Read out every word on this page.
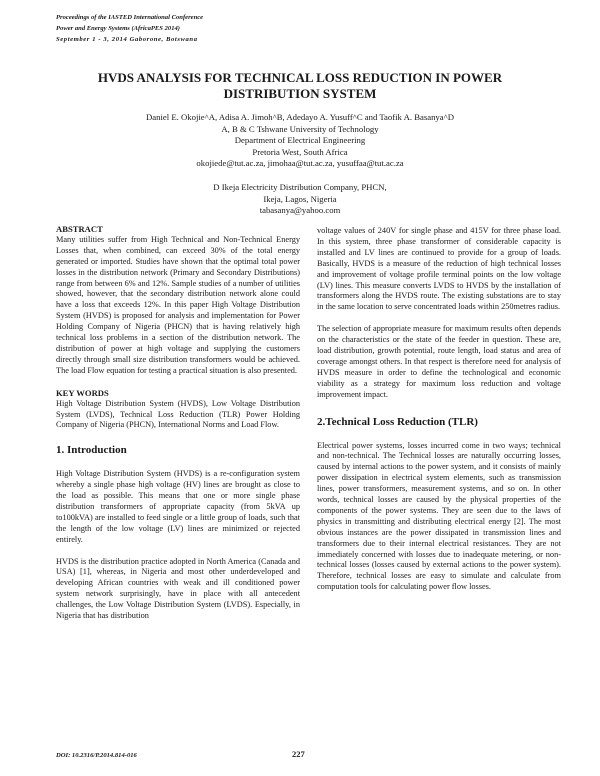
Proceedings of the IASTED International Conference
Power and Energy Systems (AfricaPES 2014)
September 1 - 3, 2014 Gaborone, Botswana
HVDS ANALYSIS FOR TECHNICAL LOSS REDUCTION IN POWER
DISTRIBUTION SYSTEM
Daniel E. Okojie^A, Adisa A. Jimoh^B, Adedayo A. Yusuff^C and Taofik A. Basanya^D
A, B & C Tshwane University of Technology
Department of Electrical Engineering
Pretoria West, South Africa
okojiede@tut.ac.za, jimohaa@tut.ac.za, yusuffaa@tut.ac.za
D Ikeja Electricity Distribution Company, PHCN,
Ikeja, Lagos, Nigeria
tabasanya@yahoo.com

ABSTRACT

Many utilities suffer from High Technical and Non-Technical Energy Losses that, when combined, can exceed 30% of the total energy generated or imported. Studies have shown that the optimal total power losses in the distribution network (Primary and Secondary Distributions) range from between 6% and 12%. Sample studies of a number of utilities showed, however, that the secondary distribution network alone could have a loss that exceeds 12%. In this paper High Voltage Distribution System (HVDS) is proposed for analysis and implementation for Power Holding Company of Nigeria (PHCN) that is having relatively high technical loss problems in a section of the distribution network. The distribution of power at high voltage and supplying the customers directly through small size distribution transformers would be achieved. The load Flow equation for testing a practical situation is also presented.

KEY WORDS

High Voltage Distribution System (HVDS), Low Voltage Distribution System (LVDS), Technical Loss Reduction (TLR) Power Holding Company of Nigeria (PHCN), International Norms and Load Flow.

1. Introduction

High Voltage Distribution System (HVDS) is a re-configuration system whereby a single phase high voltage (HV) lines are brought as close to the load as possible. This means that one or more single phase distribution transformers of appropriate capacity (from 5kVA up to100kVA) are installed to feed single or a little group of loads, such that the length of the low voltage (LV) lines are minimized or rejected entirely.

HVDS is the distribution practice adopted in North America (Canada and USA) [1], whereas, in Nigeria and most other underdeveloped and developing African countries with weak and ill conditioned power system network surprisingly, have in place with all antecedent challenges, the Low Voltage Distribution System (LVDS). Especially, in Nigeria that has distribution

voltage values of 240V for single phase and 415V for three phase load. In this system, three phase transformer of considerable capacity is installed and LV lines are continued to provide for a group of loads. Basically, HVDS is a measure of the reduction of high technical losses and improvement of voltage profile terminal points on the low voltage (LV) lines. This measure converts LVDS to HVDS by the installation of transformers along the HVDS route. The existing substations are to stay in the same location to serve concentrated loads within 250metres radius.

The selection of appropriate measure for maximum results often depends on the characteristics or the state of the feeder in question. These are, load distribution, growth potential, route length, load status and area of coverage amongst others. In that respect is therefore need for analysis of HVDS measure in order to define the technological and economic viability as a strategy for maximum loss reduction and voltage improvement impact.

2.Technical Loss Reduction (TLR)

Electrical power systems, losses incurred come in two ways; technical and non-technical. The Technical losses are naturally occurring losses, caused by internal actions to the power system, and it consists of mainly power dissipation in electrical system elements, such as transmission lines, power transformers, measurement systems, and so on. In other words, technical losses are caused by the physical properties of the components of the power systems. They are seen due to the laws of physics in transmitting and distributing electrical energy [2]. The most obvious instances are the power dissipated in transmission lines and transformers due to their internal electrical resistances. They are not immediately concerned with losses due to inadequate metering, or non-technical losses (losses caused by external actions to the power system). Therefore, technical losses are easy to simulate and calculate from computation tools for calculating power flow losses.

DOI: 10.2316/P.2014.814-016	227
